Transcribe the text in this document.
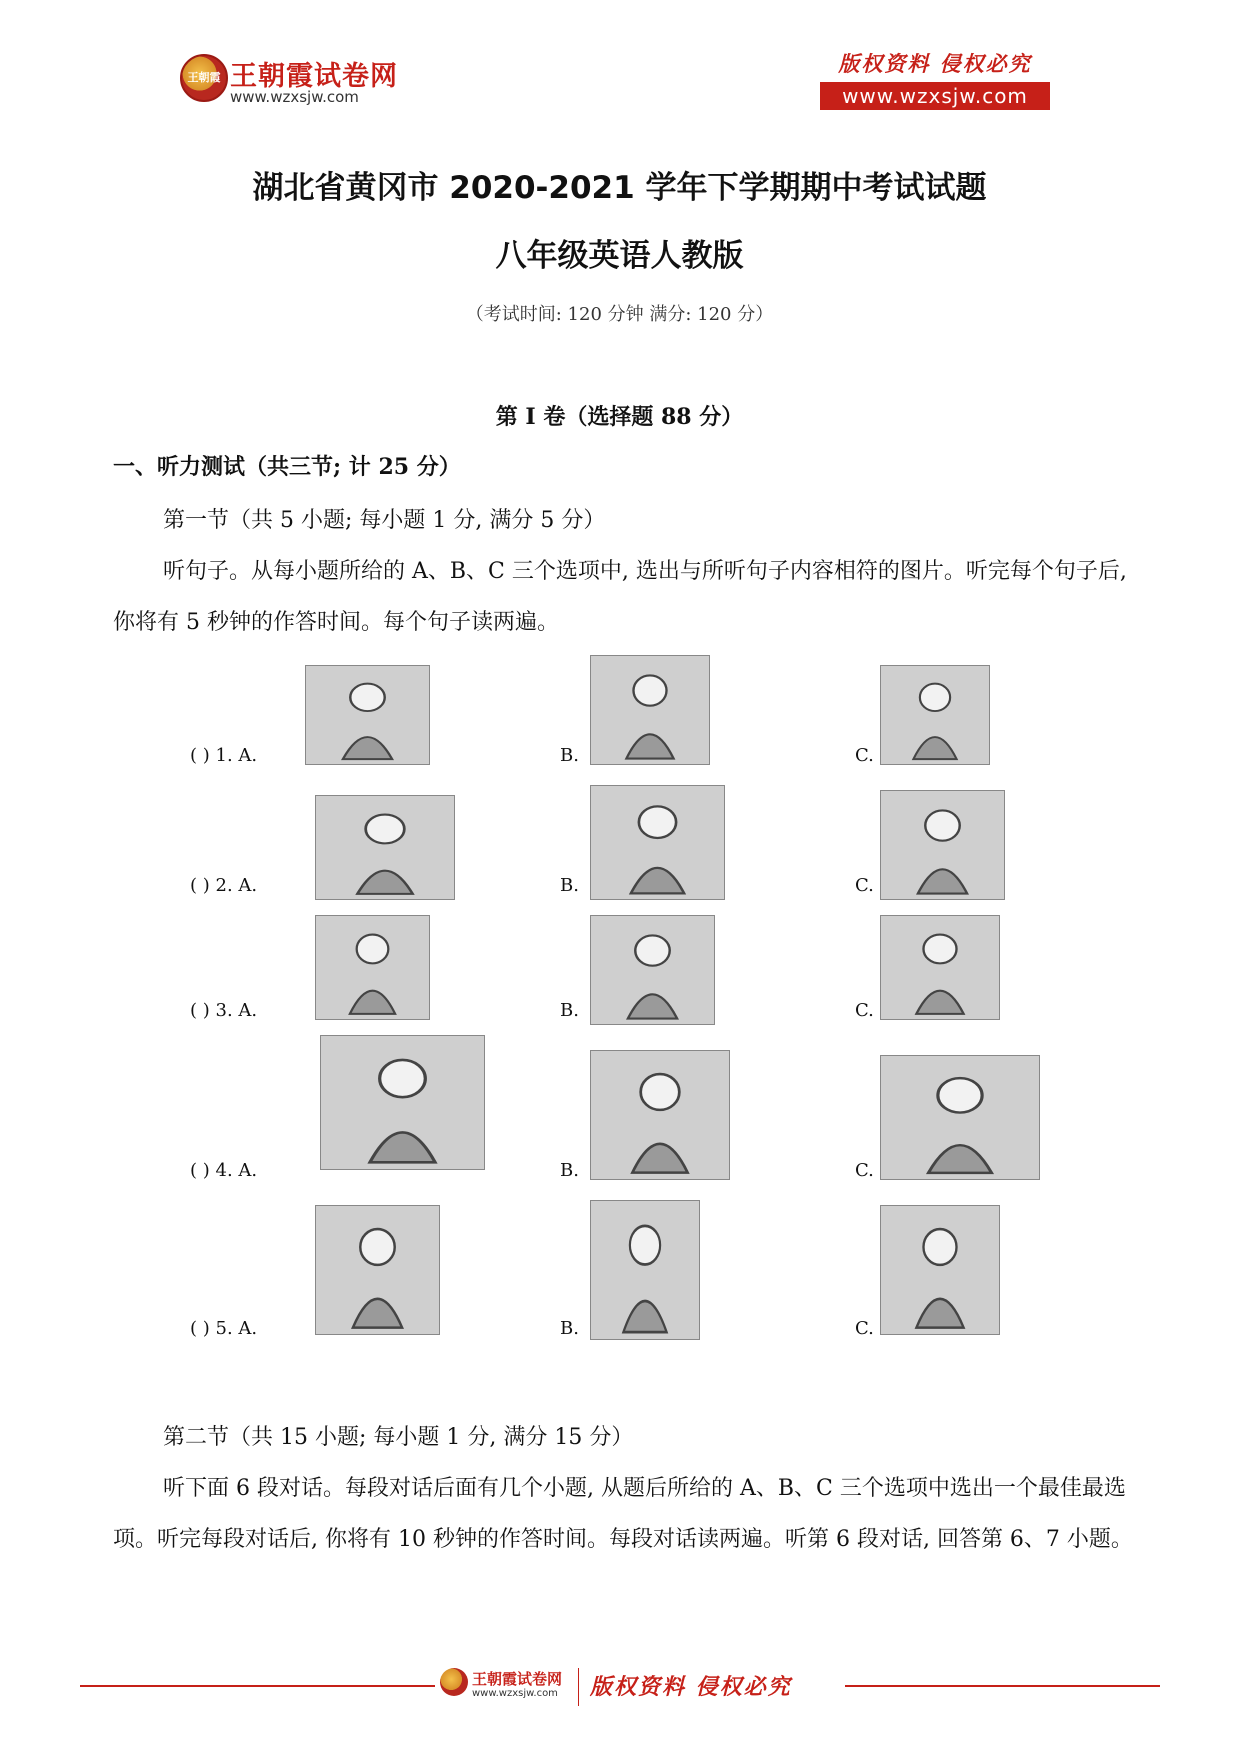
王朝霞 王朝霞试卷网
www.wzxsjw.com
版权资料 侵权必究
www.wzxsjw.com
湖北省黄冈市 2020-2021 学年下学期期中考试试题
八年级英语人教版
（考试时间: 120 分钟 满分: 120 分）
第 I 卷（选择题 88 分）
一、听力测试（共三节; 计 25 分）
第一节（共 5 小题; 每小题 1 分, 满分 5 分）
听句子。从每小题所给的 A、B、C 三个选项中, 选出与所听句子内容相符的图片。听完每个句子后, 你将有 5 秒钟的作答时间。每个句子读两遍。
( ) 1. A.	B.	C.
( ) 2. A.	B.	C.
( ) 3. A.	B.	C.
( ) 4. A.	B.	C.
( ) 5. A.	B.	C.
第二节（共 15 小题; 每小题 1 分, 满分 15 分）
听下面 6 段对话。每段对话后面有几个小题, 从题后所给的 A、B、C 三个选项中选出一个最佳最选项。听完每段对话后, 你将有 10 秒钟的作答时间。每段对话读两遍。听第 6 段对话, 回答第 6、7 小题。
王朝霞试卷网
www.wzxsjw.com 版权资料 侵权必究
